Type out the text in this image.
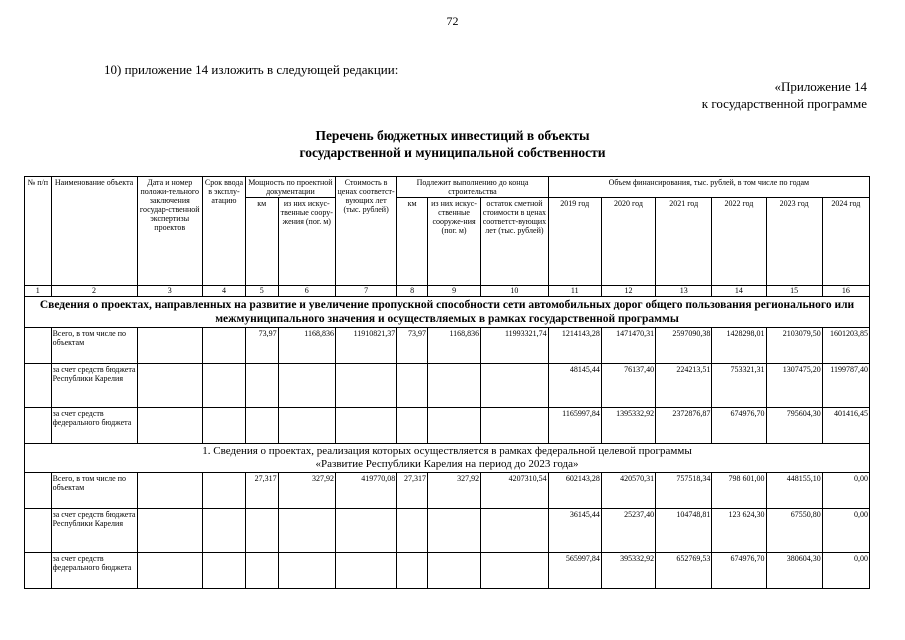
72
10) приложение 14 изложить в следующей редакции:
«Приложение 14
к государственной программе
Перечень бюджетных инвестиций в объекты
государственной и муниципальной собственности
№ п/п	Наименование объекта	Дата и номер положи-тельного заключения государ-ственной экспертизы проектов	Срок ввода в эксплу-атацию	Мощность по проектной документации		Стоимость в ценах соответст-вующих лет (тыс. рублей)	Подлежит выполнению до конца строительства			Объем финансирования, тыс. рублей, в том числе по годам					
				км	из них искус-твенные соору-жения (пог. м)		км	из них искус-ственные сооруже-ния (пог. м)	остаток сметной стоимости в ценах соответст-вующих лет (тыс. рублей)	2019 год	2020 год	2021 год	2022 год	2023 год	2024 год
1	2	3	4	5	6	7	8	9	10	11	12	13	14	15	16
Сведения о проектах, направленных на развитие и увеличение пропускной способности сети автомобильных дорог общего пользования регионального или межмуниципального значения и осуществляемых в рамках государственной программы															
	Всего, в том числе по объектам			73,97	1168,836	11910821,37	73,97	1168,836	11993321,74	1214143,28	1471470,31	2597090,38	1428298,01	2103079,50	1601203,85
	за счет средств бюджета Республики Карелия									48145,44	76137,40	224213,51	753321,31	1307475,20	1199787,40
	за счет средств федерального бюджета									1165997,84	1395332,92	2372876,87	674976,70	795604,30	401416,45

1. Сведения о проектах, реализация которых осуществляется в рамках федеральной целевой программы
«Развитие Республики Карелия на период до 2023 года»															

	Всего, в том числе по объектам			27,317	327,92	419770,08	27,317	327,92	4207310,54	602143,28	420570,31	757518,34	798 601,00	448155,10	0,00
	за счет средств бюджета Республики Карелия									36145,44	25237,40	104748,81	123 624,30	67550,80	0,00
	за счет средств федерального бюджета									565997,84	395332,92	652769,53	674976,70	380604,30	0,00
